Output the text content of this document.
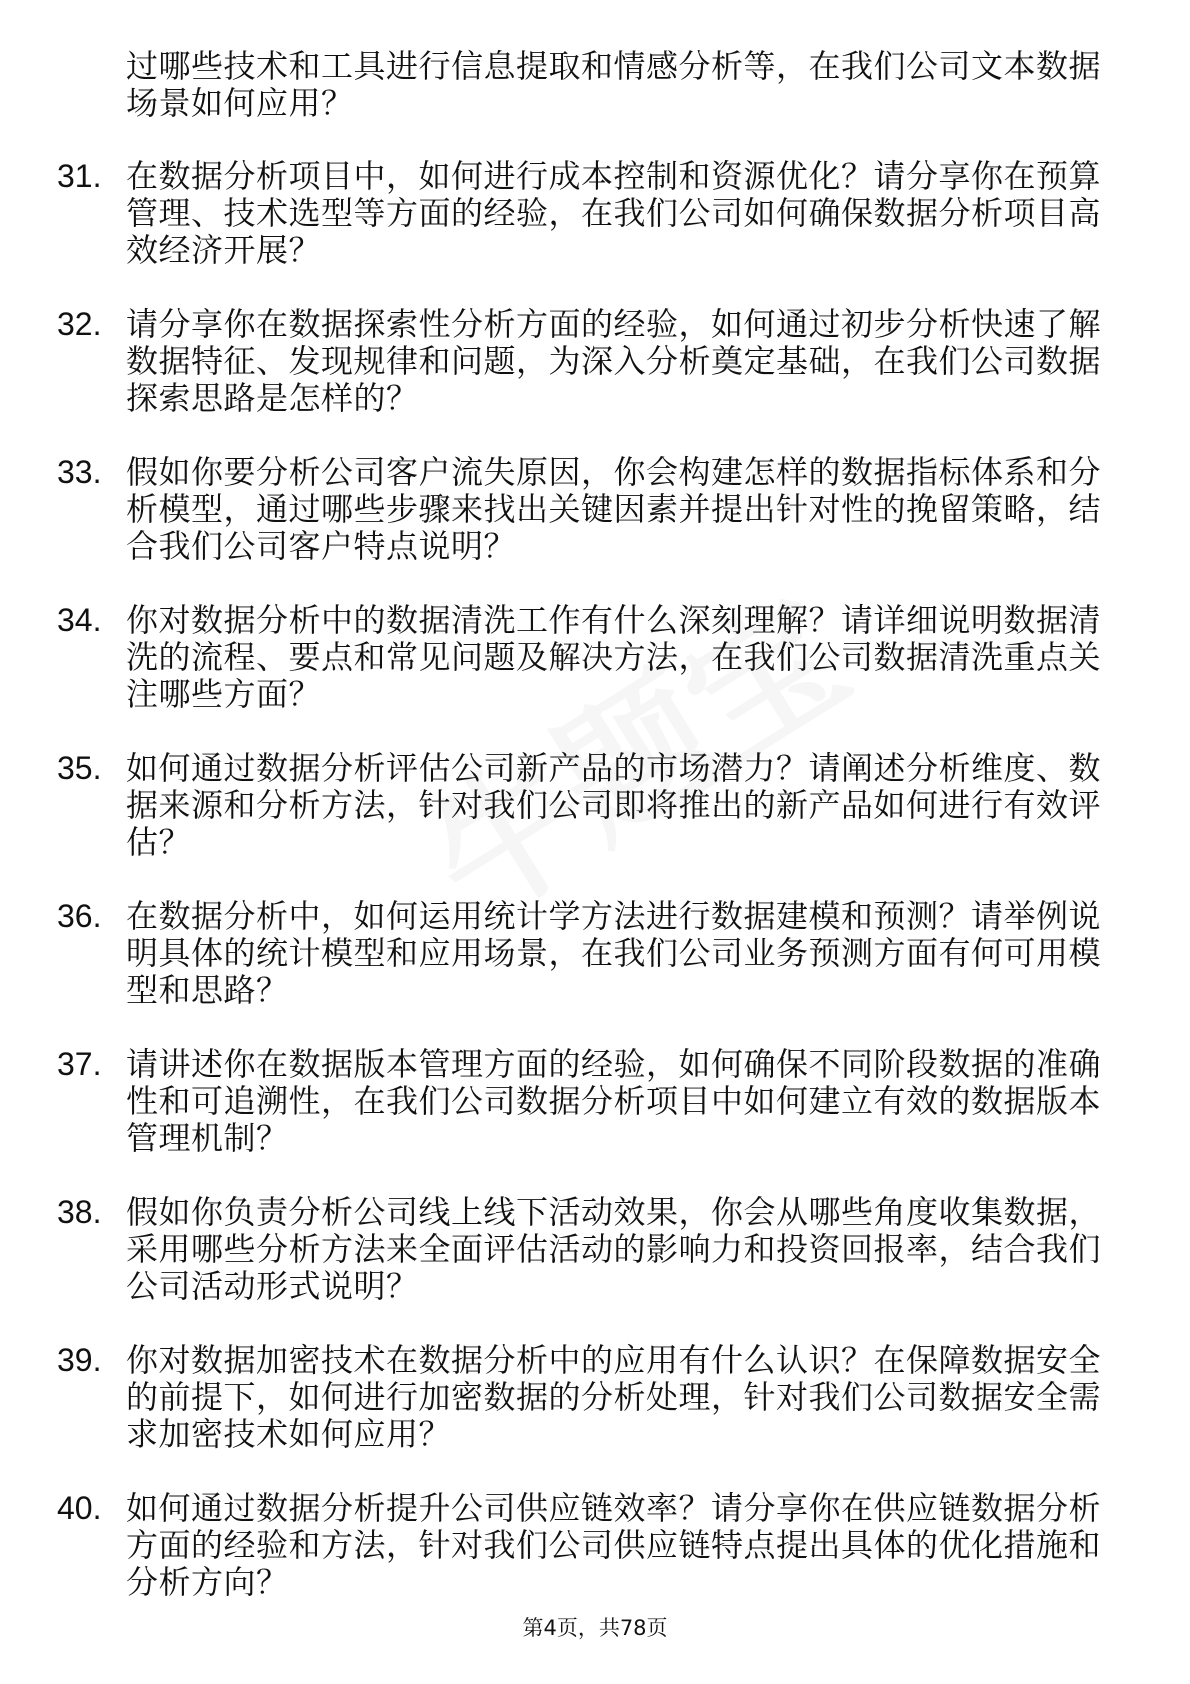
过哪些技术和工具进行信息提取和情感分析等，在我们公司文本数据场景如何应用？
31. 在数据分析项目中，如何进行成本控制和资源优化？请分享你在预算管理、技术选型等方面的经验，在我们公司如何确保数据分析项目高效经济开展？
32. 请分享你在数据探索性分析方面的经验，如何通过初步分析快速了解数据特征、发现规律和问题，为深入分析奠定基础，在我们公司数据探索思路是怎样的？
33. 假如你要分析公司客户流失原因，你会构建怎样的数据指标体系和分析模型，通过哪些步骤来找出关键因素并提出针对性的挽留策略，结合我们公司客户特点说明？
34. 你对数据分析中的数据清洗工作有什么深刻理解？请详细说明数据清洗的流程、要点和常见问题及解决方法，在我们公司数据清洗重点关注哪些方面？
35. 如何通过数据分析评估公司新产品的市场潜力？请阐述分析维度、数据来源和分析方法，针对我们公司即将推出的新产品如何进行有效评估？
36. 在数据分析中，如何运用统计学方法进行数据建模和预测？请举例说明具体的统计模型和应用场景，在我们公司业务预测方面有何可用模型和思路？
37. 请讲述你在数据版本管理方面的经验，如何确保不同阶段数据的准确性和可追溯性，在我们公司数据分析项目中如何建立有效的数据版本管理机制？
38. 假如你负责分析公司线上线下活动效果，你会从哪些角度收集数据，采用哪些分析方法来全面评估活动的影响力和投资回报率，结合我们公司活动形式说明？
39. 你对数据加密技术在数据分析中的应用有什么认识？在保障数据安全的前提下，如何进行加密数据的分析处理，针对我们公司数据安全需求加密技术如何应用？
40. 如何通过数据分析提升公司供应链效率？请分享你在供应链数据分析方面的经验和方法，针对我们公司供应链特点提出具体的优化措施和分析方向？
第4页，共78页
